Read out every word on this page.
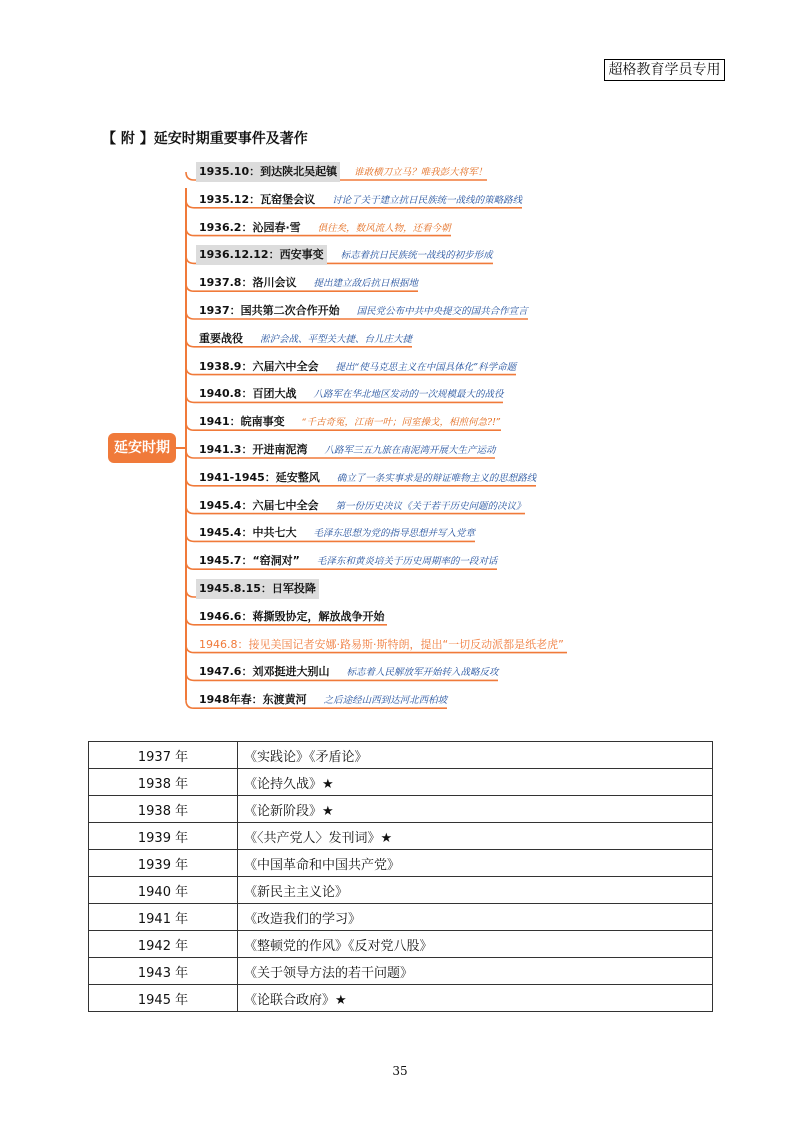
超格教育学员专用
【 附 】延安时期重要事件及著作
延安时期
1935.10：到达陕北吴起镇 谁敢横刀立马？唯我彭大将军！
1935.12：瓦窑堡会议 讨论了关于建立抗日民族统一战线的策略路线
1936.2：沁园春·雪 俱往矣，数风流人物，还看今朝
1936.12.12：西安事变 标志着抗日民族统一战线的初步形成
1937.8：洛川会议 提出建立敌后抗日根据地
1937：国共第二次合作开始 国民党公布中共中央提交的国共合作宣言
重要战役 淞沪会战、平型关大捷、台儿庄大捷
1938.9：六届六中全会 提出“使马克思主义在中国具体化”科学命题
1940.8：百团大战 八路军在华北地区发动的一次规模最大的战役
1941：皖南事变 “千古奇冤，江南一叶；同室操戈，相煎何急?!”
1941.3：开进南泥湾 八路军三五九旅在南泥湾开展大生产运动
1941-1945：延安整风 确立了一条实事求是的辩证唯物主义的思想路线
1945.4：六届七中全会 第一份历史决议《关于若干历史问题的决议》
1945.4：中共七大 毛泽东思想为党的指导思想并写入党章
1945.7：“窑洞对” 毛泽东和黄炎培关于历史周期率的一段对话
1945.8.15：日军投降
1946.6：蒋撕毁协定，解放战争开始
1946.8：接见美国记者安娜·路易斯·斯特朗，提出“一切反动派都是纸老虎”
1947.6：刘邓挺进大别山 标志着人民解放军开始转入战略反攻
1948年春：东渡黄河 之后途经山西到达河北西柏坡
1937 年	《实践论》《矛盾论》
1938 年	《论持久战》★
1938 年	《论新阶段》★
1939 年	《〈共产党人〉发刊词》★
1939 年	《中国革命和中国共产党》
1940 年	《新民主主义论》
1941 年	《改造我们的学习》
1942 年	《整顿党的作风》《反对党八股》
1943 年	《关于领导方法的若干问题》
1945 年	《论联合政府》★
35
